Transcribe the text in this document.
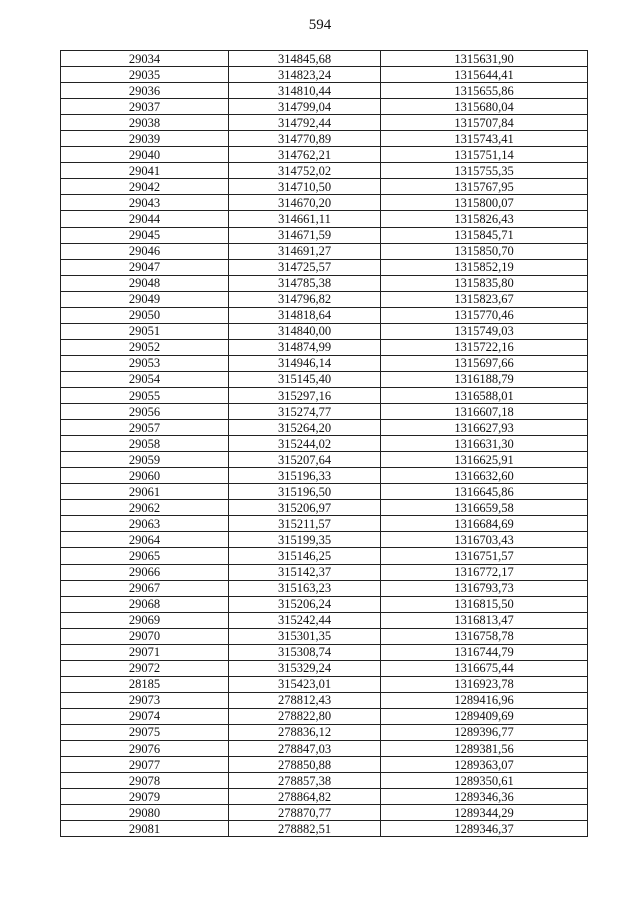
594
29034	314845,68	1315631,90
29035	314823,24	1315644,41
29036	314810,44	1315655,86
29037	314799,04	1315680,04
29038	314792,44	1315707,84
29039	314770,89	1315743,41
29040	314762,21	1315751,14
29041	314752,02	1315755,35
29042	314710,50	1315767,95
29043	314670,20	1315800,07
29044	314661,11	1315826,43
29045	314671,59	1315845,71
29046	314691,27	1315850,70
29047	314725,57	1315852,19
29048	314785,38	1315835,80
29049	314796,82	1315823,67
29050	314818,64	1315770,46
29051	314840,00	1315749,03
29052	314874,99	1315722,16
29053	314946,14	1315697,66
29054	315145,40	1316188,79
29055	315297,16	1316588,01
29056	315274,77	1316607,18
29057	315264,20	1316627,93
29058	315244,02	1316631,30
29059	315207,64	1316625,91
29060	315196,33	1316632,60
29061	315196,50	1316645,86
29062	315206,97	1316659,58
29063	315211,57	1316684,69
29064	315199,35	1316703,43
29065	315146,25	1316751,57
29066	315142,37	1316772,17
29067	315163,23	1316793,73
29068	315206,24	1316815,50
29069	315242,44	1316813,47
29070	315301,35	1316758,78
29071	315308,74	1316744,79
29072	315329,24	1316675,44
28185	315423,01	1316923,78
29073	278812,43	1289416,96
29074	278822,80	1289409,69
29075	278836,12	1289396,77
29076	278847,03	1289381,56
29077	278850,88	1289363,07
29078	278857,38	1289350,61
29079	278864,82	1289346,36
29080	278870,77	1289344,29
29081	278882,51	1289346,37
